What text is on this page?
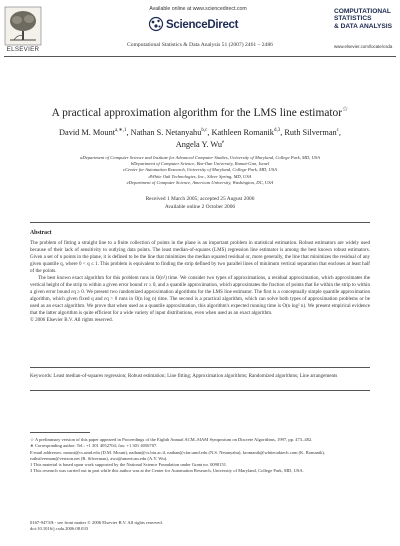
Available online at www.sciencedirect.com
ScienceDirect
ELSEVIER
Computational Statistics & Data Analysis 51 (2007) 2461 – 2486
COMPUTATIONAL
STATISTICS
& DATA ANALYSIS
www.elsevier.com/locate/csda
A practical approximation algorithm for the LMS line estimator☆
David M. Mount$^{a,∗,1}$, Nathan S. Netanyahu$^{b,c}$, Kathleen Romanik$^{d,3}$, Ruth Silverman$^c$,
Angela Y. Wu$^e$
aDepartment of Computer Science and Institute for Advanced Computer Studies, University of Maryland, College Park, MD, USA
bDepartment of Computer Science, Bar-Ilan University, Ramat-Gan, Israel
cCenter for Automation Research, University of Maryland, College Park, MD, USA
dWhite Oak Technologies, Inc., Silver Spring, MD, USA
eDepartment of Computer Science, American University, Washington, DC, USA
Received 1 March 2005; accepted 25 August 2006
Available online 2 October 2006
Abstract

The problem of fitting a straight line to a finite collection of points in the plane is an important problem in statistical estimation. Robust estimators are widely used because of their lack of sensitivity to outlying data points. The least median-of-squares (LMS) regression line estimator is among the best known robust estimators. Given a set of n points in the plane, it is defined to be the line that minimizes the median squared residual or, more generally, the line that minimizes the residual of any given quantile q, where 0 < q ≤ 1. This problem is equivalent to finding the strip defined by two parallel lines of minimum vertical separation that encloses at least half of the points.

The best known exact algorithm for this problem runs in O(n²) time. We consider two types of approximations, a residual approximation, which approximates the vertical height of the strip to within a given error bound εr ≥ 0, and a quantile approximation, which approximates the fraction of points that lie within the strip to within a given error bound εq ≥ 0. We present two randomized approximation algorithms for the LMS line estimator. The first is a conceptually simple quantile approximation algorithm, which given fixed q and εq > 0 runs in O(n log n) time. The second is a practical algorithm, which can solve both types of approximation problems or be used as an exact algorithm. We prove that when used as a quantile approximation, this algorithm's expected running time is O(n log² n). We present empirical evidence that the latter algorithm is quite efficient for a wide variety of input distributions, even when used as an exact algorithm.

© 2006 Elsevier B.V. All rights reserved.

Keywords: Least median-of-squares regression; Robust estimation; Line fitting; Approximation algorithms; Randomized algorithms; Line arrangements
☆ A preliminary version of this paper appeared in Proceedings of the Eighth Annual ACM–SIAM Symposium on Discrete Algorithms, 1997, pp. 473–482.
∗ Corresponding author. Tel.: +1 301 4052704; fax: +1 301 4056707.
E-mail addresses: mount@cs.umd.edu (D.M. Mount), nathan@cs.biu.ac.il, nathan@cfar.umd.edu (N.S. Netanyahu), kromanik@whiteoaktech.com (K. Romanik), ruthsilverman@verizon.net (R. Silverman), awu@american.edu (A.Y. Wu).
1 This material is based upon work supported by the National Science Foundation under Grant no. 0098151.
3 This research was carried out in part while this author was at the Center for Automation Research, University of Maryland, College Park, MD, USA.
0167-9473/$ - see front matter © 2006 Elsevier B.V. All rights reserved.
doi:10.1016/j.csda.2006.08.033
